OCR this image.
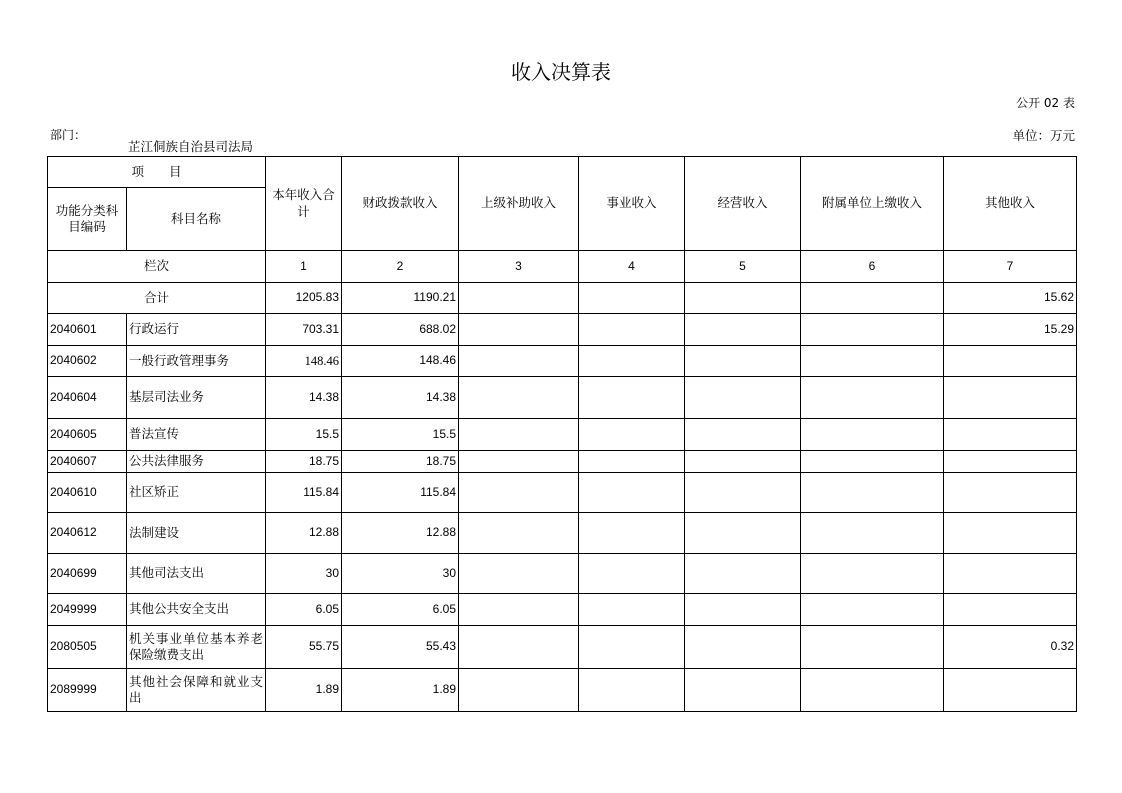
收入决算表
公开 02 表
部门：
芷江侗族自治县司法局
单位：万元
项　　目		本年收入合计	财政拨款收入	上级补助收入	事业收入	经营收入	附属单位上缴收入	其他收入
功能分类科目编码	科目名称							
栏次		1	2	3	4	5	6	7
合计		1205.83	1190.21					15.62
2040601	行政运行	703.31	688.02					15.29
2040602	一般行政管理事务	148.46	148.46					
2040604	基层司法业务	14.38	14.38					
2040605	普法宣传	15.5	15.5					
2040607	公共法律服务	18.75	18.75					
2040610	社区矫正	115.84	115.84					
2040612	法制建设	12.88	12.88					
2040699	其他司法支出	30	30					
2049999	其他公共安全支出	6.05	6.05					
2080505	机关事业单位基本养老保险缴费支出	55.75	55.43					0.32
2089999	其他社会保障和就业支出	1.89	1.89					
